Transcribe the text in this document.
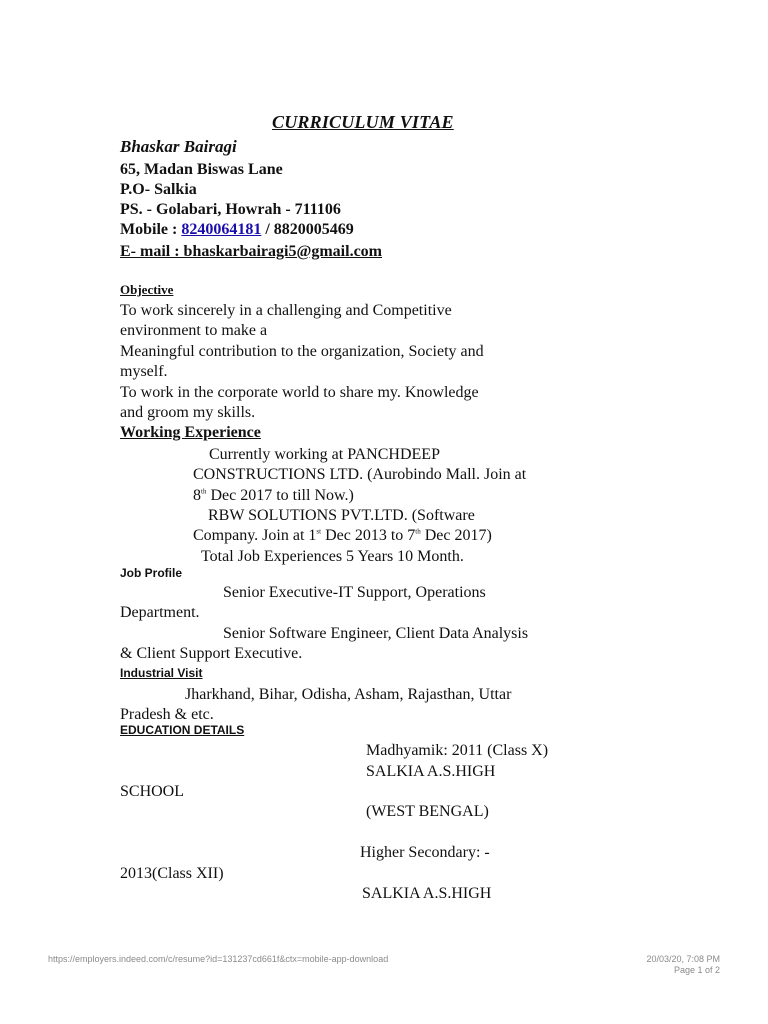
CURRICULUM VITAE
Bhaskar Bairagi
65, Madan Biswas Lane
P.O- Salkia
PS. - Golabari, Howrah - 711106
Mobile : 8240064181 / 8820005469
E- mail : bhaskarbairagi5@gmail.com
Objective
To work sincerely in a challenging and Competitive
environment to make a
Meaningful contribution to the organization, Society and
myself.
To work in the corporate world to share my. Knowledge
and groom my skills.
Working Experience
Currently working at PANCHDEEP
CONSTRUCTIONS LTD. (Aurobindo Mall. Join at
8th Dec 2017 to till Now.)
RBW SOLUTIONS PVT.LTD. (Software
Company. Join at 1st Dec 2013 to 7th Dec 2017)
Total Job Experiences 5 Years 10 Month.
Job Profile
Senior Executive-IT Support, Operations
Department.
Senior Software Engineer, Client Data Analysis
& Client Support Executive.
Industrial Visit
Jharkhand, Bihar, Odisha, Asham, Rajasthan, Uttar
Pradesh & etc.
EDUCATION DETAILS
Madhyamik: 2011 (Class X)
SALKIA A.S.HIGH
SCHOOL
(WEST BENGAL)
Higher Secondary: -
2013(Class XII)
SALKIA A.S.HIGH
https://employers.indeed.com/c/resume?id=131237cd661f&ctx=mobile-app-download	20/03/20, 7:08 PM
Page 1 of 2
